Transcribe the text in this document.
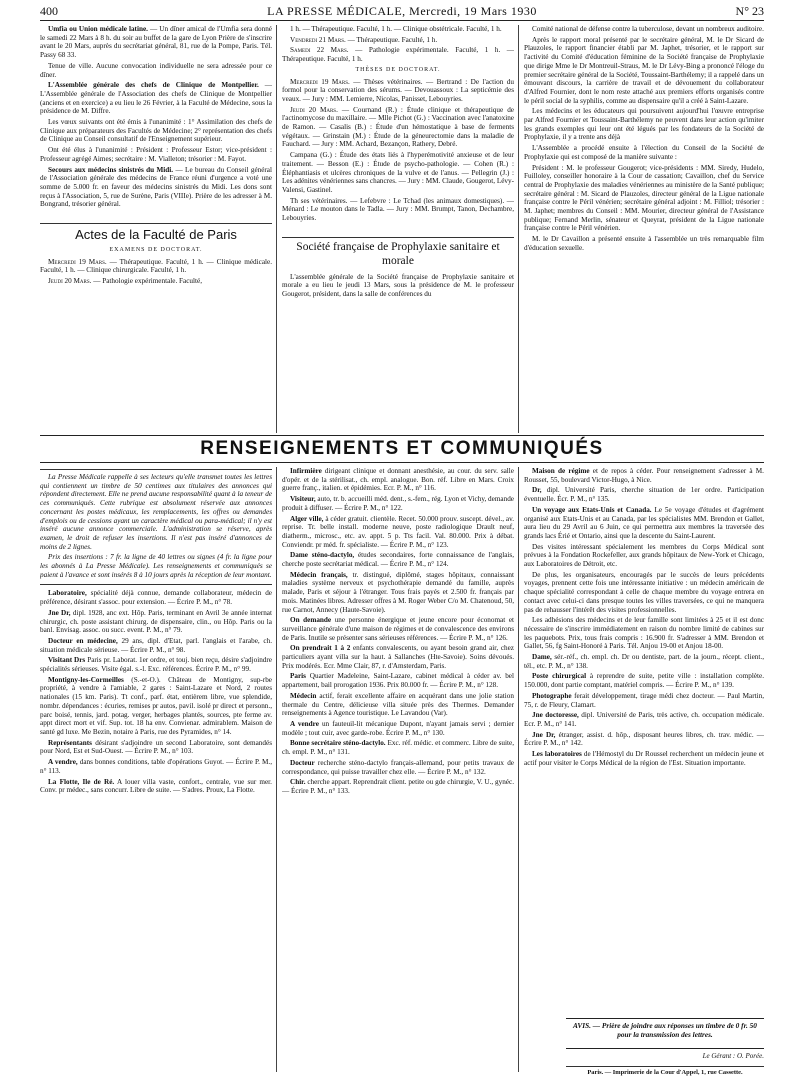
400	LA PRESSE MÉDICALE, Mercredi, 19 Mars 1930	N° 23

Umfia ou Union médicale latine. — Un dîner amical de l'Umfia sera donné le samedi 22 Mars à 8 h. du soir au buffet de la gare de Lyon Prière de s'inscrire avant le 20 Mars, auprès du secrétariat général, 81, rue de la Pompe, Paris. Tél. Passy 68 33.

Tenue de ville. Aucune convocation individuelle ne sera adressée pour ce dîner.

L'Assemblée générale des chefs de Clinique de Montpellier. — L'Assemblée générale de l'Association des chefs de Clinique de Montpellier (anciens et en exercice) a eu lieu le 26 Février, à la Faculté de Médecine, sous la présidence de M. Diffre.

Les vœux suivants ont été émis à l'unanimité : 1° Assimilation des chefs de Clinique aux préparateurs des Facultés de Médecine; 2° représentation des chefs de Clinique au Conseil consultatif de l'Enseignement supérieur.

Ont été élus à l'unanimité : Président : Professeur Estor; vice-président : Professeur agrégé Aimes; secrétaire : M. Vialleton; trésorier : M. Fayot.

Secours aux médecins sinistrés du Midi. — Le bureau du Conseil général de l'Association générale des médecins de France réuni d'urgence a voté une somme de 5.000 fr. en faveur des médecins sinistrés du Midi. Les dons sont reçus à l'Association, 5, rue de Surène, Paris (VIIIe). Prière de les adresser à M. Bongrand, trésorier général.

Actes de la Faculté de Paris
EXAMENS DE DOCTORAT.

Mercredi 19 Mars. — Thérapeutique. Faculté, 1 h. — Clinique médicale. Faculté, 1 h. — Clinique chirurgicale. Faculté, 1 h.

Jeudi 20 Mars. — Pathologie expérimentale. Faculté,

1 h. — Thérapeutique. Faculté, 1 h. — Clinique obstétricale. Faculté, 1 h.

Vendredi 21 Mars. — Thérapeutique. Faculté, 1 h.

Samedi 22 Mars. — Pathologie expérimentale. Faculté, 1 h. — Thérapeutique. Faculté, 1 h.

THÈSES DE DOCTORAT.

Mercredi 19 Mars. — Thèses vétérinaires. — Bertrand : De l'action du formol pour la conservation des sérums. — Devouassoux : La septicémie des veaux. — Jury : MM. Lemierre, Nicolas, Panisset, Lebouyries.

Jeudi 20 Mars. — Cournand (R.) : Étude clinique et thérapeutique de l'actinomycose du maxillaire. — Mlle Pichot (G.) : Vaccination avec l'anatoxine de Ramon. — Casalis (B.) : Étude d'un hémostatique à base de ferments végétaux. — Grinstain (M.) : Étude de la géneurectomie dans la maladie de Fauchard. — Jury : MM. Achard, Bezançon, Rathery, Debré.

Campana (G.) : Étude des états liés à l'hyperémotivité anxieuse et de leur traitement. — Besson (E.) : Étude de psycho-pathologie. — Cohen (R.) : Éléphantiasis et ulcères chroniques de la vulve et de l'anus. — Pellegrin (J.) : Les adénites vénériennes sans chancres. — Jury : MM. Claude, Gougerot, Lévy-Valensi, Gastinel.

Th ses vétérinaires. — Lefebvre : Le Tchad (les animaux domestiques). — Ménard : Le mouton dans le Tadla. — Jury : MM. Brumpt, Tanon, Dechambre, Lebouyries.

Société française de Prophylaxie sanitaire et morale

L'assemblée générale de la Société française de Prophylaxie sanitaire et morale a eu lieu le jeudi 13 Mars, sous la présidence de M. le professeur Gougerot, président, dans la salle de conférences du

Comité national de défense contre la tuberculose, devant un nombreux auditoire.

Après le rapport moral présenté par le secrétaire général, M. le Dr Sicard de Plauzoles, le rapport financier établi par M. Japhet, trésorier, et le rapport sur l'activité du Comité d'éducation féminine de la Société française de Prophylaxie que dirige Mme le Dr Montreuil-Straus, M. le Dr Lévy-Bing a prononcé l'éloge du premier secrétaire général de la Société, Toussaint-Barthélemy; il a rappelé dans un émouvant discours, la carrière de travail et de dévouement du collaborateur d'Alfred Fournier, dont le nom reste attaché aux premiers efforts organisés contre le péril social de la syphilis, comme au dispensaire qu'il a créé à Saint-Lazare.

Les médecins et les éducateurs qui poursuivent aujourd'hui l'œuvre entreprise par Alfred Fournier et Toussaint-Barthélemy ne peuvent dans leur action qu'imiter les grands exemples qui leur ont été légués par les fondateurs de la Société de Prophylaxie, il y a trente ans déjà

L'Assemblée a procédé ensuite à l'élection du Conseil de la Société de Prophylaxie qui est composé de la manière suivante :

Président : M. le professeur Gougerot; vice-présidents : MM. Siredy, Hudelo, Fuilloley, conseiller honoraire à la Cour de cassation; Cavaillon, chef du Service central de Prophylaxie des maladies vénériennes au ministère de la Santé publique; secrétaire général : M. Sicard de Plauzoles, directeur général de la Ligue nationale française contre le Péril vénérien; secrétaire général adjoint : M. Filliol; trésorier : M. Japhet; membres du Conseil : MM. Mourier, directeur général de l'Assistance publique; Fernand Merlin, sénateur et Queyrat, président de la Ligue nationale française contre le Péril vénérien.

M. le Dr Cavaillon a présenté ensuite à l'assemblée un très remarquable film d'éducation sexuelle.

RENSEIGNEMENTS ET COMMUNIQUÉS

La Presse Médicale rappelle à ses lecteurs qu'elle transmet toutes les lettres qui contiennent un timbre de 50 centimes aux titulaires des annonces qui répondent directement. Elle ne prend aucune responsabilité quant à la teneur de ces communiqués. Cette rubrique est absolument réservée aux annonces concernant les postes médicaux, les remplacements, les offres ou demandes d'emplois ou de cessions ayant un caractère médical ou para-médical; il n'y est inséré aucune annonce commerciale. L'administration se réserve, après examen, le droit de refuser les insertions. Il n'est pas inséré d'annonces de moins de 2 lignes.

Prix des insertions : 7 fr. la ligne de 40 lettres ou signes (4 fr. la ligne pour les abonnés à La Presse Médicale). Les renseignements et communiqués se paient à l'avance et sont insérés 8 à 10 jours après la réception de leur montant.

Laboratoire, spécialité déjà connue, demande collaborateur, médecin de préférence, désirant s'assoc. pour extension. — Écrire P. M., n° 78.

Jne Dr, dipl. 1928, anc ext. Hôp. Paris, terminant en Avril 3e année internat chirurgic, ch. poste assistant chirurg. de dispensaire, clin., ou Hôp. Paris ou la banl. Envisag. assoc. ou succ. event. P. M., n° 79.

Docteur en médecine, 29 ans, dipl. d'Etat, parl. l'anglais et l'arabe, ch. situation médicale sérieuse. — Écrire P. M., n° 98.

Visitant Drs Paris pr. Laborat. 1er ordre, et touj. bien reçu, désire s'adjoindre spécialités sérieuses. Visite égal. s.-l. Exc. références. Écrire P. M., n° 99.

Montigny-les-Cormeilles (S.-et-O.). Château de Montigny, sup-rbe propriété, à vendre à l'amiable, 2 gares : Saint-Lazare et Nord, 2 routes nationales (15 km. Paris). Tt conf., parf. état, entièrem libre, vue splendide, nombr. dépendances : écuries, remises pr autos, pavil. isolé pr direct et personn., parc boisé, tennis, jard. potag. verger, herbages plantés, sources, pte ferme av. appt direct mort et vif. Sup. tot. 18 ha env. Convienar. admirablem. Maison de santé gd luxe. Me Bezin, notaire à Paris, rue des Pyramides, n° 14.

Représentants désirant s'adjoindre un second Laboratoire, sont demandés pour Nord, Est et Sud-Ouest. — Écrire P. M., n° 103.

A vendre, dans bonnes conditions, table d'opérations Guyot. — Écrire P. M., n° 113.

La Flotte, Ile de Ré. A louer villa vaste, confort., centrale, vue sur mer. Conv. pr médec., sans concurr. Libre de suite. — S'adres. Proux, La Flotte.

Infirmière dirigeant clinique et donnant anesthésie, au cour. du serv. salle d'opér. et de la stérilisat., ch. empl. analogue. Bon. réf. Libre en Mars. Croix guerre franç., italien. et épidémies. Ecr. P. M., n° 116.

Visiteur, auto, tr. b. accueilli méd. dent., s.-fem., rég. Lyon et Vichy, demande produit à diffuser. — Écrire P. M., n° 122.

Alger ville, à céder gratuit. clientèle. Recet. 50.000 prouv. suscept. dével., av. reprise. Tr. belle install. moderne neuve, poste radiologique Drault neuf, diatherm., microsc., etc. av. appt. 5 p. Tts facil. Val. 80.000. Prix à débat. Conviendr. pr méd. fr. spécialiste. — Écrire P. M., n° 123.

Dame sténo-dactylo, études secondaires, forte connaissance de l'anglais, cherche poste secrétariat médical. — Écrire P. M., n° 124.

Médecin français, tr. distingué, diplômé, stages hôpitaux, connaissant maladies système nerveux et psychothérapie demandé du famille, auprès malade, Paris et séjour à l'étranger. Tous frais payés et 2.500 fr. français par mois. Matinées libres. Adresser offres à M. Roger Weber C/o M. Chatenoud, 50, rue Carnot, Annecy (Haute-Savoie).

On demande une personne énergique et jeune encore pour économat et surveillance générale d'une maison de régimes et de convalescence des environs de Paris. Inutile se présenter sans sérieuses références. — Écrire P. M., n° 126.

On prendrait 1 à 2 enfants convalescents, ou ayant besoin grand air, chez particuliers ayant villa sur la haut. à Sallanches (Hte-Savoie). Soins dévoués. Prix modérés. Ecr. Mme Clair, 87, r. d'Amsterdam, Paris.

Paris Quartier Madeleine, Saint-Lazare, cabinet médical à céder av. bel appartement, bail prorogation 1936. Prix 80.000 fr. — Écrire P. M., n° 128.

Médecin actif, ferait excellente affaire en acquérant dans une jolie station thermale du Centre, délicieuse villa située près des Thermes. Demander renseignements à Agence touristique. Le Lavandou (Var).

A vendre un fauteuil-lit mécanique Dupont, n'ayant jamais servi ; dernier modèle ; tout cuir, avec garde-robe. Écrire P. M., n° 130.

Bonne secrétaire sténo-dactylo. Exc. réf. médic. et commerc. Libre de suite, ch. empl. P. M., n° 131.

Docteur recherche sténo-dactylo français-allemand, pour petits travaux de correspondance, qui puisse travailler chez elle. — Écrire P. M., n° 132.

Chir. cherche appart. Reprendrait client. petite ou gde chirurgie, V. U., gynéc. — Écrire P. M., n° 133.

Maison de régime et de repos à céder. Pour renseignement s'adresser à M. Rousset, 55, boulevard Victor-Hugo, à Nice.

Dr, dipl. Université Paris, cherche situation de 1er ordre. Participation éventuelle. Écr. P. M., n° 135.

Un voyage aux Etats-Unis et Canada. Le 5e voyage d'études et d'agrément organisé aux Etats-Unis et au Canada, par les spécialistes MM. Brendon et Gallet, aura lieu du 29 Avril au 6 Juin, ce qui permettra aux membres la traversée des grands lacs Érié et Ontario, ainsi que la descente du Saint-Laurent.

Des visites intéressant spécialement les membres du Corps Médical sont prévues à la Fondation Rockefeller, aux grands hôpitaux de New-York et Chicago, aux Laboratoires de Détroit, etc.

De plus, les organisateurs, encouragés par le succès de leurs précédents voyages, prennent cette fois une intéressante initiative : un médecin américain de chaque spécialité correspondant à celle de chaque membre du voyage entrera en contact avec celui-ci dans presque toutes les villes traversées, ce qui ne manquera pas de rehausser l'intérêt des visites professionnelles.

Les adhésions des médecins et de leur famille sont limitées à 25 et il est donc nécessaire de s'inscrire immédiatement en raison du nombre limité de cabines sur les paquebots. Prix, tous frais compris : 16.900 fr. S'adresser à MM. Brendon et Gallet, 56, fg Saint-Honoré à Paris. Tél. Anjou 19-00 et Anjou 18-00.

Dame, sér.-réf., ch. empl. ch. Dr ou dentiste, part. de la journ., récept. client., tél., etc. P. M., n° 138.

Poste chirurgical à reprendre de suite, petite ville : installation complète. 150.000, dont partie comptant, matériel compris. — Écrire P. M., n° 139.

Photographe ferait développement, tirage médi chez docteur. — Paul Martin, 75, r. de Fleury, Clamart.

Jne doctoresse, dipl. Université de Paris, très active, ch. occupation médicale. Ecr. P. M., n° 141.

Jne Dr, étranger, assist. d. hôp., disposant heures libres, ch. trav. médic. — Écrire P. M., n° 142.

Les laboratoires de l'Hémostyl du Dr Roussel recherchent un médecin jeune et actif pour visiter le Corps Médical de la région de l'Est. Situation importante.

AVIS. — Prière de joindre aux réponses un timbre de 0 fr. 50 pour la transmission des lettres.
Le Gérant : O. Porée.
Paris. — Imprimerie de la Cour d'Appel, 1, rue Cassette.
